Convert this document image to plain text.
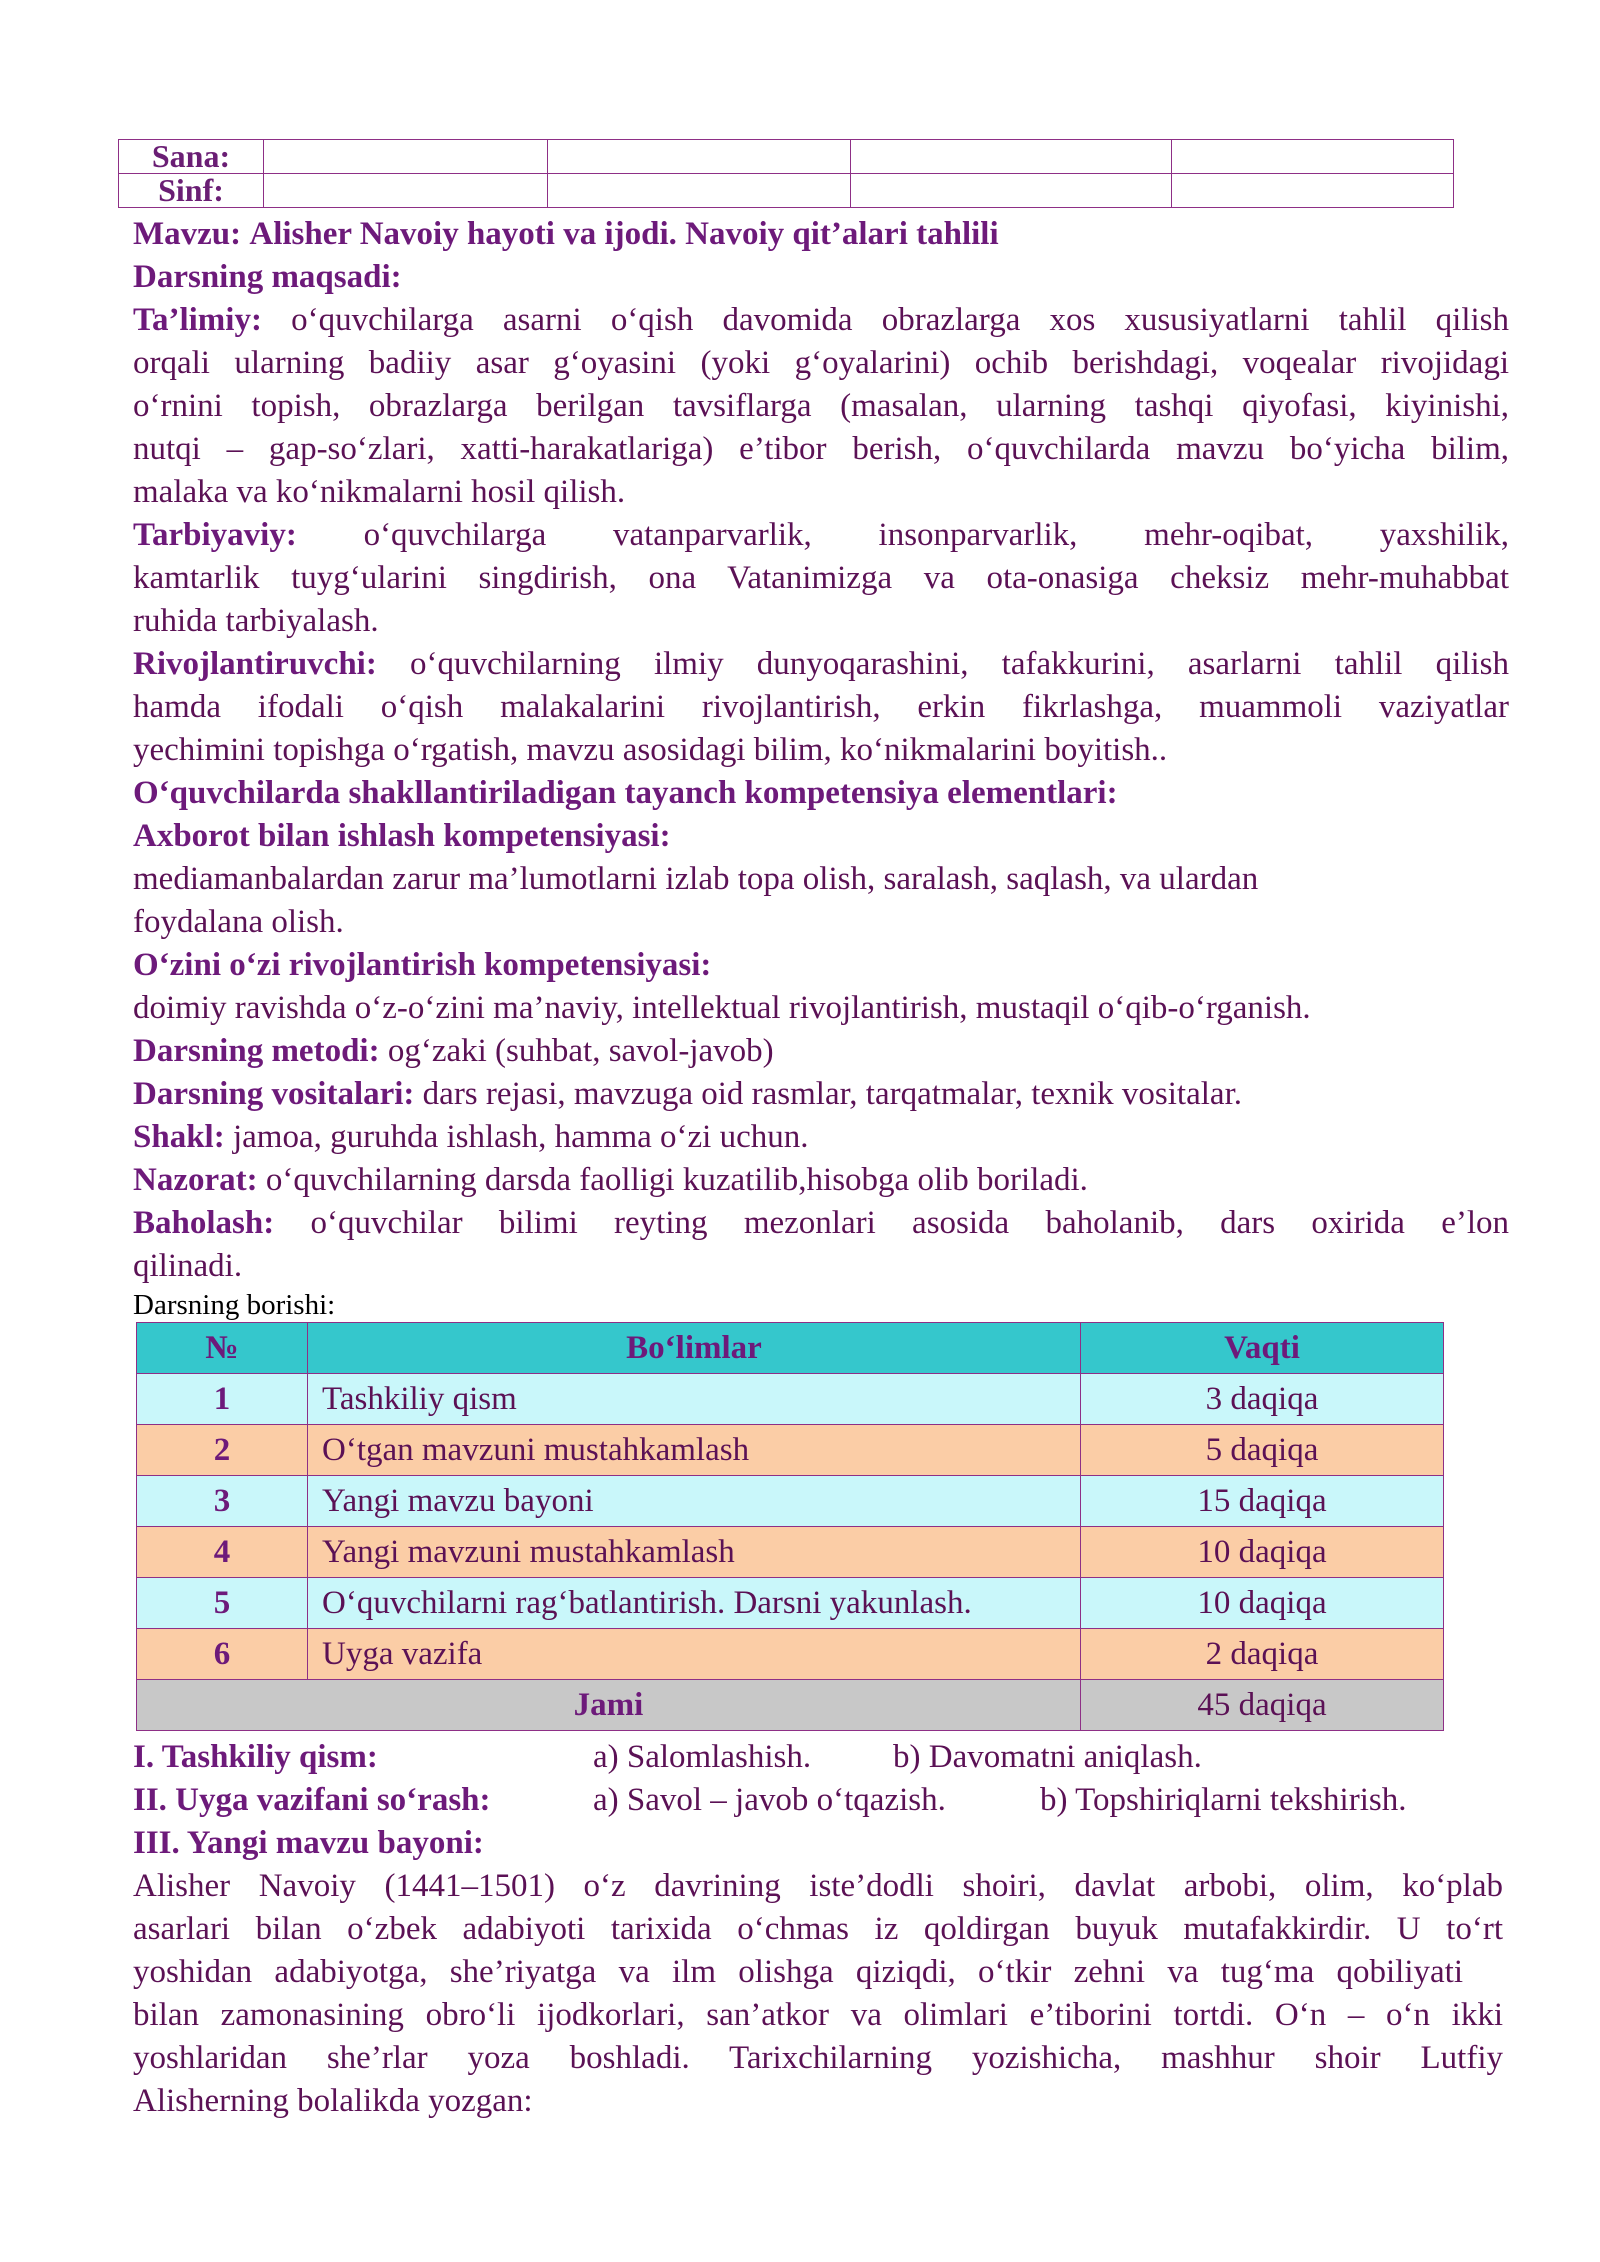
Sana:				
Sinf:				
Mavzu: Alisher Navoiy hayoti va ijodi. Navoiy qit’alari tahlili
Darsning maqsadi:
Ta’limiy: o‘quvchilarga asarni o‘qish davomida obrazlarga xos xususiyatlarni tahlil qilish
orqali ularning badiiy asar g‘oyasini (yoki g‘oyalarini) ochib berishdagi, voqealar rivojidagi
o‘rnini topish, obrazlarga berilgan tavsiflarga (masalan, ularning tashqi qiyofasi, kiyinishi,
nutqi – gap-so‘zlari, xatti-harakatlariga) e’tibor berish, o‘quvchilarda mavzu bo‘yicha bilim,
malaka va ko‘nikmalarni hosil qilish.
Tarbiyaviy: o‘quvchilarga vatanparvarlik, insonparvarlik, mehr-oqibat, yaxshilik,
kamtarlik tuyg‘ularini singdirish, ona Vatanimizga va ota-onasiga cheksiz mehr-muhabbat
ruhida tarbiyalash.
Rivojlantiruvchi: o‘quvchilarning ilmiy dunyoqarashini, tafakkurini, asarlarni tahlil qilish
hamda ifodali o‘qish malakalarini rivojlantirish, erkin fikrlashga, muammoli vaziyatlar
yechimini topishga o‘rgatish, mavzu asosidagi bilim, ko‘nikmalarini boyitish..
O‘quvchilarda shakllantiriladigan tayanch kompetensiya elementlari:
Axborot bilan ishlash kompetensiyasi:
mediamanbalardan zarur ma’lumotlarni izlab topa olish, saralash, saqlash, va ulardan
foydalana olish.
O‘zini o‘zi rivojlantirish kompetensiyasi:
doimiy ravishda o‘z-o‘zini ma’naviy, intellektual rivojlantirish, mustaqil o‘qib-o‘rganish.
Darsning metodi: og‘zaki (suhbat, savol-javob)
Darsning vositalari: dars rejasi, mavzuga oid rasmlar, tarqatmalar, texnik vositalar.
Shakl: jamoa, guruhda ishlash, hamma o‘zi uchun.
Nazorat: o‘quvchilarning darsda faolligi kuzatilib,hisobga olib boriladi.
Baholash: o‘quvchilar bilimi reyting mezonlari asosida baholanib, dars oxirida e’lon
qilinadi.
Darsning borishi:
№	Bo‘limlar	Vaqti
1	Tashkiliy qism	3 daqiqa
2	O‘tgan mavzuni mustahkamlash	5 daqiqa
3	Yangi mavzu bayoni	15 daqiqa
4	Yangi mavzuni mustahkamlash	10 daqiqa
5	O‘quvchilarni rag‘batlantirish. Darsni yakunlash.	10 daqiqa
6	Uyga vazifa	2 daqiqa
Jami		45 daqiqa
I. Tashkiliy qism:	a) Salomlashish. b) Davomatni aniqlash.
II. Uyga vazifani so‘rash:	a) Savol – javob o‘tqazish.	b) Topshiriqlarni tekshirish.
III. Yangi mavzu bayoni:
Alisher Navoiy (1441–1501) o‘z davrining iste’dodli shoiri, davlat arbobi, olim, ko‘plab
asarlari bilan o‘zbek adabiyoti tarixida o‘chmas iz qoldirgan buyuk mutafakkirdir. U to‘rt
yoshidan adabiyotga, she’riyatga va ilm olishga qiziqdi, o‘tkir zehni va tug‘ma qobiliyati
bilan zamonasining obro‘li ijodkorlari, san’atkor va olimlari e’tiborini tortdi. O‘n – o‘n ikki
yoshlaridan she’rlar yoza boshladi. Tarixchilarning yozishicha, mashhur shoir Lutfiy
Alisherning bolalikda yozgan:
